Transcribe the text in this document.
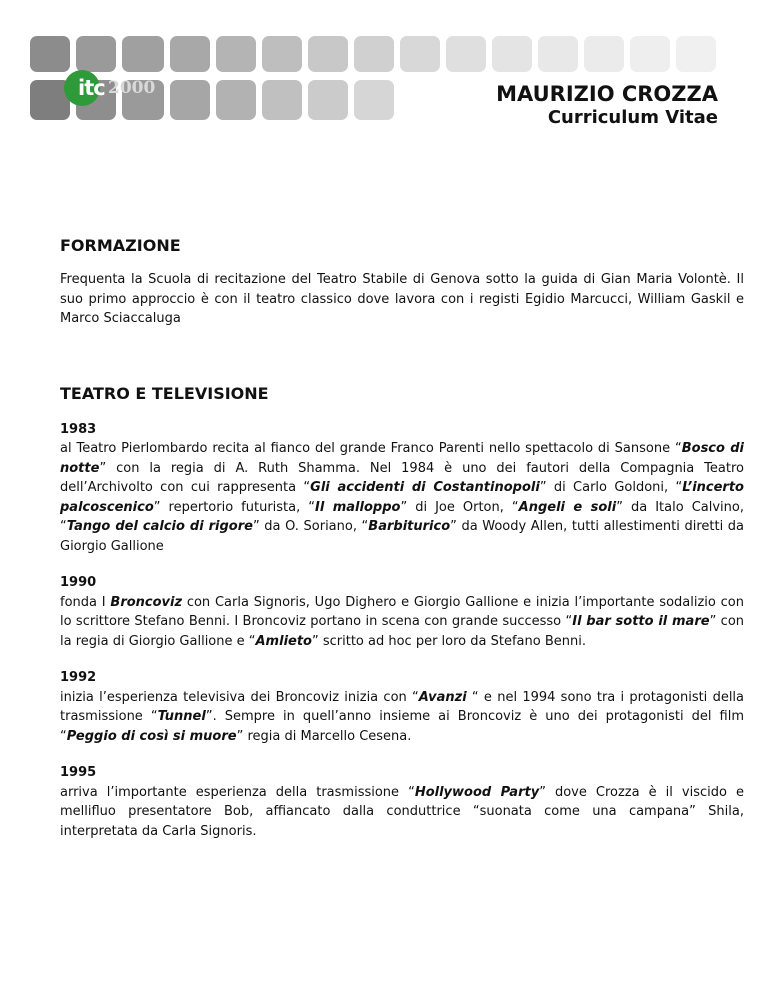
itc 2000	MAURIZIO CROZZA
Curriculum Vitae
FORMAZIONE

Frequenta la Scuola di recitazione del Teatro Stabile di Genova sotto la guida di Gian Maria Volontè. Il suo primo approccio è con il teatro classico dove lavora con i registi Egidio Marcucci, William Gaskil e Marco Sciaccaluga

TEATRO E TELEVISIONE
1983

al Teatro Pierlombardo recita al fianco del grande Franco Parenti nello spettacolo di Sansone “Bosco di notte” con la regia di A. Ruth Shamma. Nel 1984 è uno dei fautori della Compagnia Teatro dell’Archivolto con cui rappresenta “Gli accidenti di Costantinopoli” di Carlo Goldoni, “L’incerto palcoscenico” repertorio futurista, “Il malloppo” di Joe Orton, “Angeli e soli” da Italo Calvino, “Tango del calcio di rigore” da O. Soriano, “Barbiturico” da Woody Allen, tutti allestimenti diretti da Giorgio Gallione

1990

fonda I Broncoviz con Carla Signoris, Ugo Dighero e Giorgio Gallione e inizia l’importante sodalizio con lo scrittore Stefano Benni. I Broncoviz portano in scena con grande successo “Il bar sotto il mare” con la regia di Giorgio Gallione e “Amlieto” scritto ad hoc per loro da Stefano Benni.

1992

inizia l’esperienza televisiva dei Broncoviz inizia con “Avanzi “ e nel 1994 sono tra i protagonisti della trasmissione “Tunnel”. Sempre in quell’anno insieme ai Broncoviz è uno dei protagonisti del film “Peggio di così si muore” regia di Marcello Cesena.

1995

arriva l’importante esperienza della trasmissione “Hollywood Party” dove Crozza è il viscido e mellifluo presentatore Bob, affiancato dalla conduttrice “suonata come una campana” Shila, interpretata da Carla Signoris.
